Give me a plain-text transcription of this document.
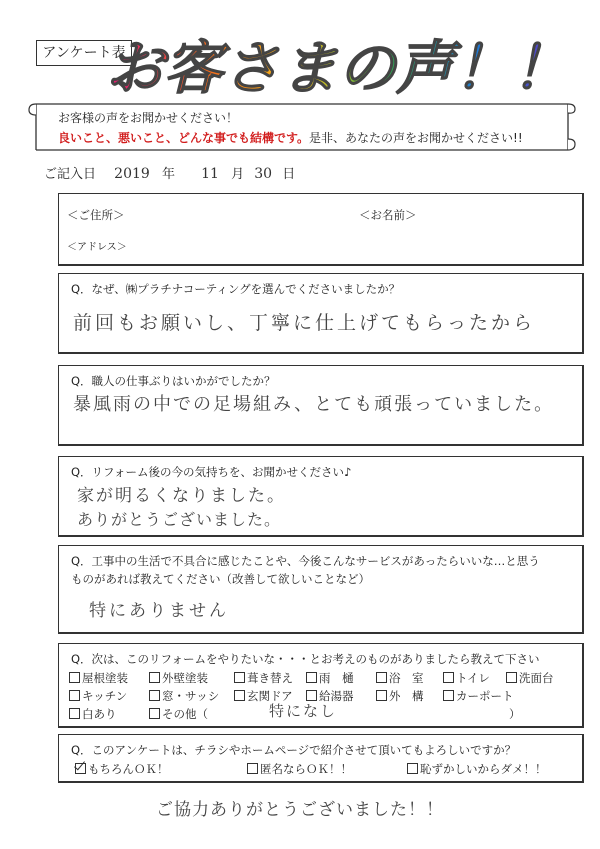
アンケート表
お客さまの声！！
お客様の声をお聞かせください！
良いこと、悪いこと、どんな事でも結構です。是非、あなたの声をお聞かせください!!
ご記入日 2019 年 11 月 30 日
＜ご住所＞	＜お名前＞
＜アドレス＞
Q．なぜ、㈱プラチナコーティングを選んでくださいましたか？
前回もお願いし、丁寧に仕上げてもらったから
Q．職人の仕事ぶりはいかがでしたか？
暴風雨の中での足場組み、とても頑張っていました。
Q．リフォーム後の今の気持ちを、お聞かせください♪
家が明るくなりました。
ありがとうございました。
Q．工事中の生活で不具合に感じたことや、今後こんなサービスがあったらいいな…と思う
ものがあれば教えてください（改善して欲しいことなど）
特にありません
Q．次は、このリフォームをやりたいな・・・とお考えのものがありましたら教えて下さい
屋根塗装	外壁塗装	葺き替え	雨　樋	浴　室	トイレ	洗面台
キッチン	窓・サッシ	玄関ドア	給湯器	外　構	カーポート
白あり	その他（	特になし	）
Q．このアンケートは、チラシやホームページで紹介させて頂いてもよろしいですか？
もちろんＯＫ！	匿名ならＯＫ！！	恥ずかしいからダメ！！
ご協力ありがとうございました！！
